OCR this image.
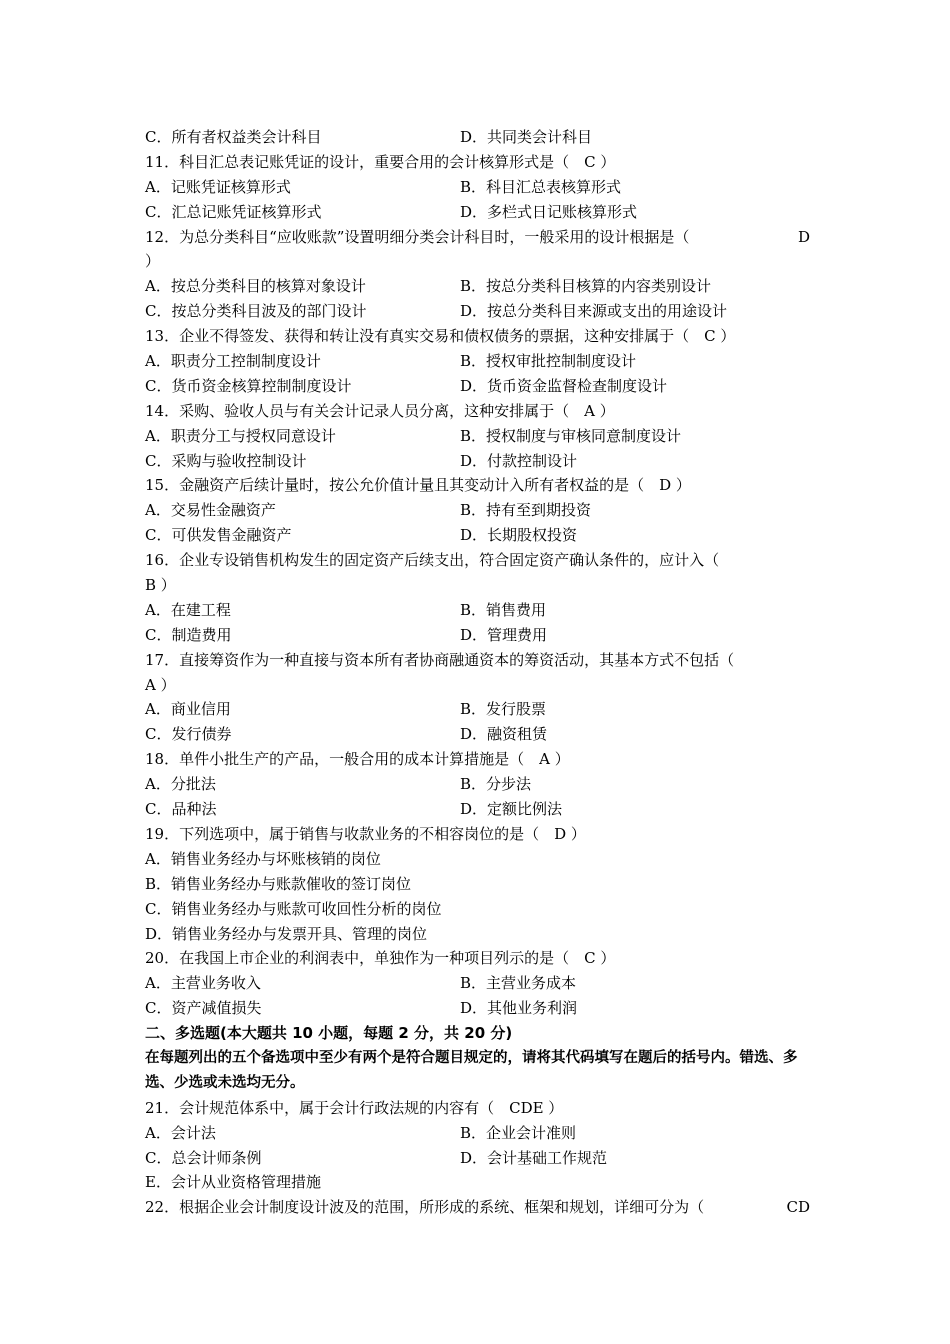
C．所有者权益类会计科目	D．共同类会计科目
11．科目汇总表记账凭证的设计，重要合用的会计核算形式是（　C ）
A．记账凭证核算形式	B．科目汇总表核算形式
C．汇总记账凭证核算形式	D．多栏式日记账核算形式
12．为总分类科目“应收账款”设置明细分类会计科目时，一般采用的设计根据是（	D
）
A．按总分类科目的核算对象设计	B．按总分类科目核算的内容类别设计
C．按总分类科目波及的部门设计	D．按总分类科目来源或支出的用途设计
13．企业不得签发、获得和转让没有真实交易和债权债务的票据，这种安排属于（　C ）
A．职责分工控制制度设计	B．授权审批控制制度设计
C．货币资金核算控制制度设计	D．货币资金监督检查制度设计
14．采购、验收人员与有关会计记录人员分离，这种安排属于（　A ）
A．职责分工与授权同意设计	B．授权制度与审核同意制度设计
C．采购与验收控制设计	D．付款控制设计
15．金融资产后续计量时，按公允价值计量且其变动计入所有者权益的是（　D ）
A．交易性金融资产	B．持有至到期投资
C．可供发售金融资产	D．长期股权投资
16．企业专设销售机构发生的固定资产后续支出，符合固定资产确认条件的，应计入（
B ）
A．在建工程	B．销售费用
C．制造费用	D．管理费用
17．直接筹资作为一种直接与资本所有者协商融通资本的筹资活动，其基本方式不包括（
A ）
A．商业信用	B．发行股票
C．发行债券	D．融资租赁
18．单件小批生产的产品，一般合用的成本计算措施是（　A ）
A．分批法	B．分步法
C．品种法	D．定额比例法
19．下列选项中，属于销售与收款业务的不相容岗位的是（　D ）
A．销售业务经办与坏账核销的岗位
B．销售业务经办与账款催收的签订岗位
C．销售业务经办与账款可收回性分析的岗位
D．销售业务经办与发票开具、管理的岗位
20．在我国上市企业的利润表中，单独作为一种项目列示的是（　C ）
A．主营业务收入	B．主营业务成本
C．资产减值损失	D．其他业务利润
二、多选题(本大题共 10 小题，每题 2 分，共 20 分)
在每题列出的五个备选项中至少有两个是符合题目规定的，请将其代码填写在题后的括号内。错选、多选、少选或未选均无分。
21．会计规范体系中，属于会计行政法规的内容有（　CDE ）
A．会计法	B．企业会计准则
C．总会计师条例	D．会计基础工作规范
E．会计从业资格管理措施
22．根据企业会计制度设计波及的范围，所形成的系统、框架和规划，详细可分为（	CD
